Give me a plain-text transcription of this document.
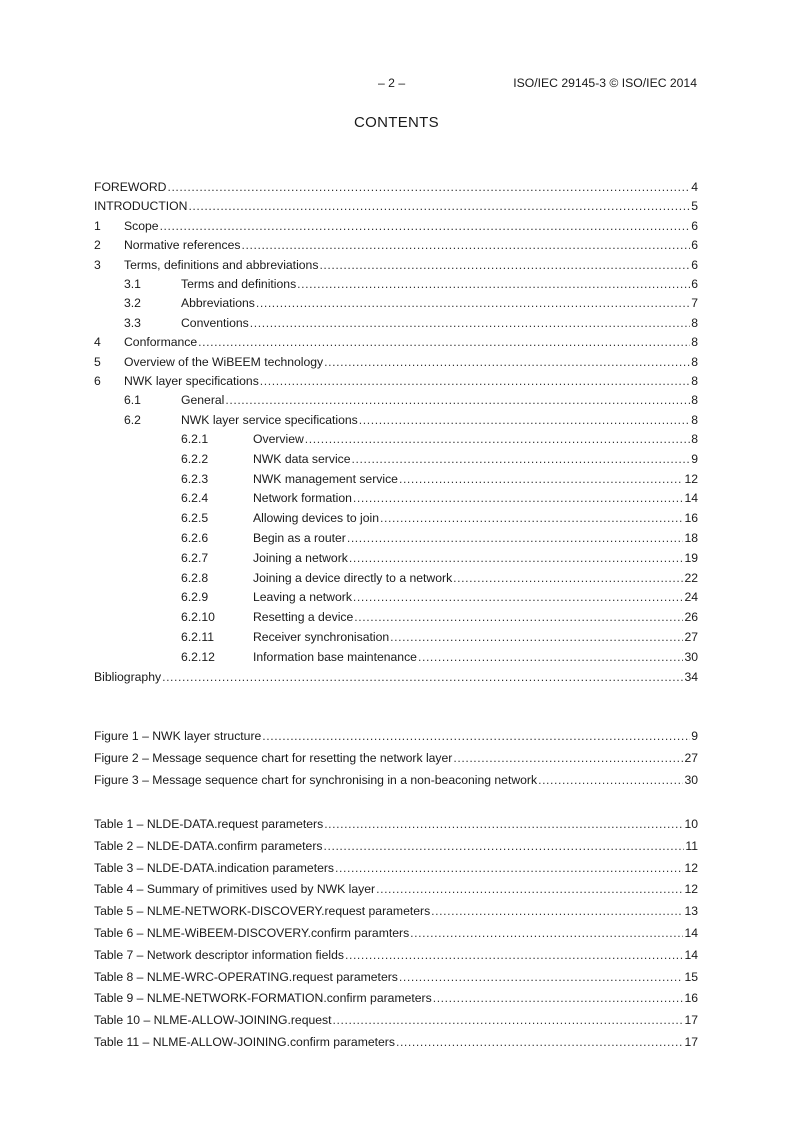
– 2 –	ISO/IEC 29145-3 © ISO/IEC 2014
CONTENTS
FOREWORD .....	4
INTRODUCTION .....	5
1	Scope .....	6
2	Normative references .....	6
3	Terms, definitions and abbreviations .....	6
3.1	Terms and definitions .....	6
3.2	Abbreviations .....	7
3.3	Conventions .....	8
4	Conformance .....	8
5	Overview of the WiBEEM technology .....	8
6	NWK layer specifications .....	8
6.1	General .....	8
6.2	NWK layer service specifications .....	8
6.2.1	Overview .....	8
6.2.2	NWK data service .....	9
6.2.3	NWK management service .....	12
6.2.4	Network formation .....	14
6.2.5	Allowing devices to join .....	16
6.2.6	Begin as a router .....	18
6.2.7	Joining a network .....	19
6.2.8	Joining a device directly to a network .....	22
6.2.9	Leaving a network .....	24
6.2.10	Resetting a device .....	26
6.2.11	Receiver synchronisation .....	27
6.2.12	Information base maintenance .....	30
Bibliography .....	34
Figure 1 – NWK layer structure .....	9
Figure 2 – Message sequence chart for resetting the network layer .....	27
Figure 3 – Message sequence chart for synchronising in a non-beaconing network .....	30
Table 1 – NLDE-DATA.request parameters .....	10
Table 2 – NLDE-DATA.confirm parameters .....	11
Table 3 – NLDE-DATA.indication parameters .....	12
Table 4 – Summary of primitives used by NWK layer .....	12
Table 5 – NLME-NETWORK-DISCOVERY.request parameters .....	13
Table 6 – NLME-WiBEEM-DISCOVERY.confirm paramters .....	14
Table 7 – Network descriptor information fields .....	14
Table 8 – NLME-WRC-OPERATING.request parameters .....	15
Table 9 – NLME-NETWORK-FORMATION.confirm parameters .....	16
Table 10 – NLME-ALLOW-JOINING.request .....	17
Table 11 – NLME-ALLOW-JOINING.confirm parameters .....	17
